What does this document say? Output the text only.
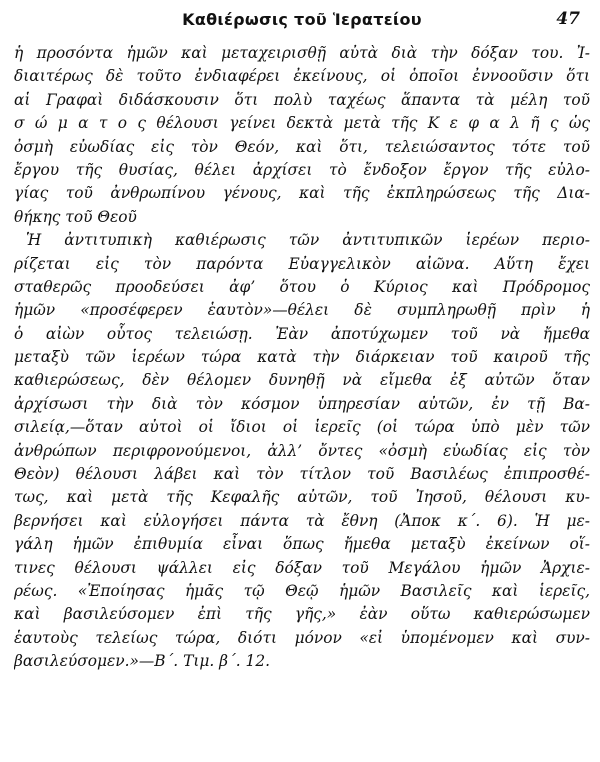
Καθιέρωσις τοῦ Ἱερατείου	47
ἡ προσόντα ἡμῶν καὶ μεταχειρισθῇ αὐτὰ διὰ τὴν δόξαν του. Ἰ-
διαιτέρως δὲ τοῦτο ἐνδιαφέρει ἐκείνους, οἱ ὁποῖοι ἐννοοῦσιν ὅτι
αἱ Γραφαὶ διδάσκουσιν ὅτι πολὺ ταχέως ἅπαντα τὰ μέλη τοῦ
σ ώ μ α τ ο ς θέλουσι γείνει δεκτὰ μετὰ τῆς Κ ε φ α λ ῆ ς ὡς
ὀσμὴ εὐωδίας εἰς τὸν Θεόν, καὶ ὅτι, τελειώσαντος τότε τοῦ
ἔργου τῆς θυσίας, θέλει ἀρχίσει τὸ ἔνδοξον ἔργον τῆς εὐλο-
γίας τοῦ ἀνθρωπίνου γένους, καὶ τῆς ἐκπληρώσεως τῆς Δια-
θήκης τοῦ Θεοῦ
Ἡ ἀντιτυπικὴ καθιέρωσις τῶν ἀντιτυπικῶν ἱερέων περιο-
ρίζεται εἰς τὸν παρόντα Εὐαγγελικὸν αἰῶνα. Αὕτη ἔχει
σταθερῶς προοδεύσει ἀφ’ ὅτου ὁ Κύριος καὶ Πρόδρομος
ἡμῶν «προσέφερεν ἑαυτὸν»—θέλει δὲ συμπληρωθῇ πρὶν ἡ
ὁ αἰὼν οὗτος τελειώσῃ. Ἐὰν ἀποτύχωμεν τοῦ νὰ ἤμεθα
μεταξὺ τῶν ἱερέων τώρα κατὰ τὴν διάρκειαν τοῦ καιροῦ τῆς
καθιερώσεως, δὲν θέλομεν δυνηθῇ νὰ εἴμεθα ἐξ αὐτῶν ὅταν
ἀρχίσωσι τὴν διὰ τὸν κόσμον ὑπηρεσίαν αὐτῶν, ἐν τῇ Βα-
σιλείᾳ,—ὅταν αὐτοὶ οἱ ἴδιοι οἱ ἱερεῖς (οἱ τώρα ὑπὸ μὲν τῶν
ἀνθρώπων περιφρονούμενοι, ἀλλ’ ὄντες «ὀσμὴ εὐωδίας εἰς τὸν
Θεὸν) θέλουσι λάβει καὶ τὸν τίτλον τοῦ Βασιλέως ἐπιπροσθέ-
τως, καὶ μετὰ τῆς Κεφαλῆς αὐτῶν, τοῦ Ἰησοῦ, θέλουσι κυ-
βερνήσει καὶ εὐλογήσει πάντα τὰ ἔθνη (Ἀποκ κ΄. 6). Ἡ με-
γάλη ἡμῶν ἐπιθυμία εἶναι ὅπως ἤμεθα μεταξὺ ἐκείνων οἵ-
τινες θέλουσι ψάλλει εἰς δόξαν τοῦ Μεγάλου ἡμῶν Ἀρχιε-
ρέως. «Ἐποίησας ἡμᾶς τῷ Θεῷ ἡμῶν Βασιλεῖς καὶ ἱερεῖς,
καὶ βασιλεύσομεν ἐπὶ τῆς γῆς,» ἐὰν οὕτω καθιερώσωμεν
ἑαυτοὺς τελείως τώρα, διότι μόνον «εἰ ὑπομένομεν καὶ συν-
βασιλεύσομεν.»—Β΄. Τιμ. β΄. 12.
